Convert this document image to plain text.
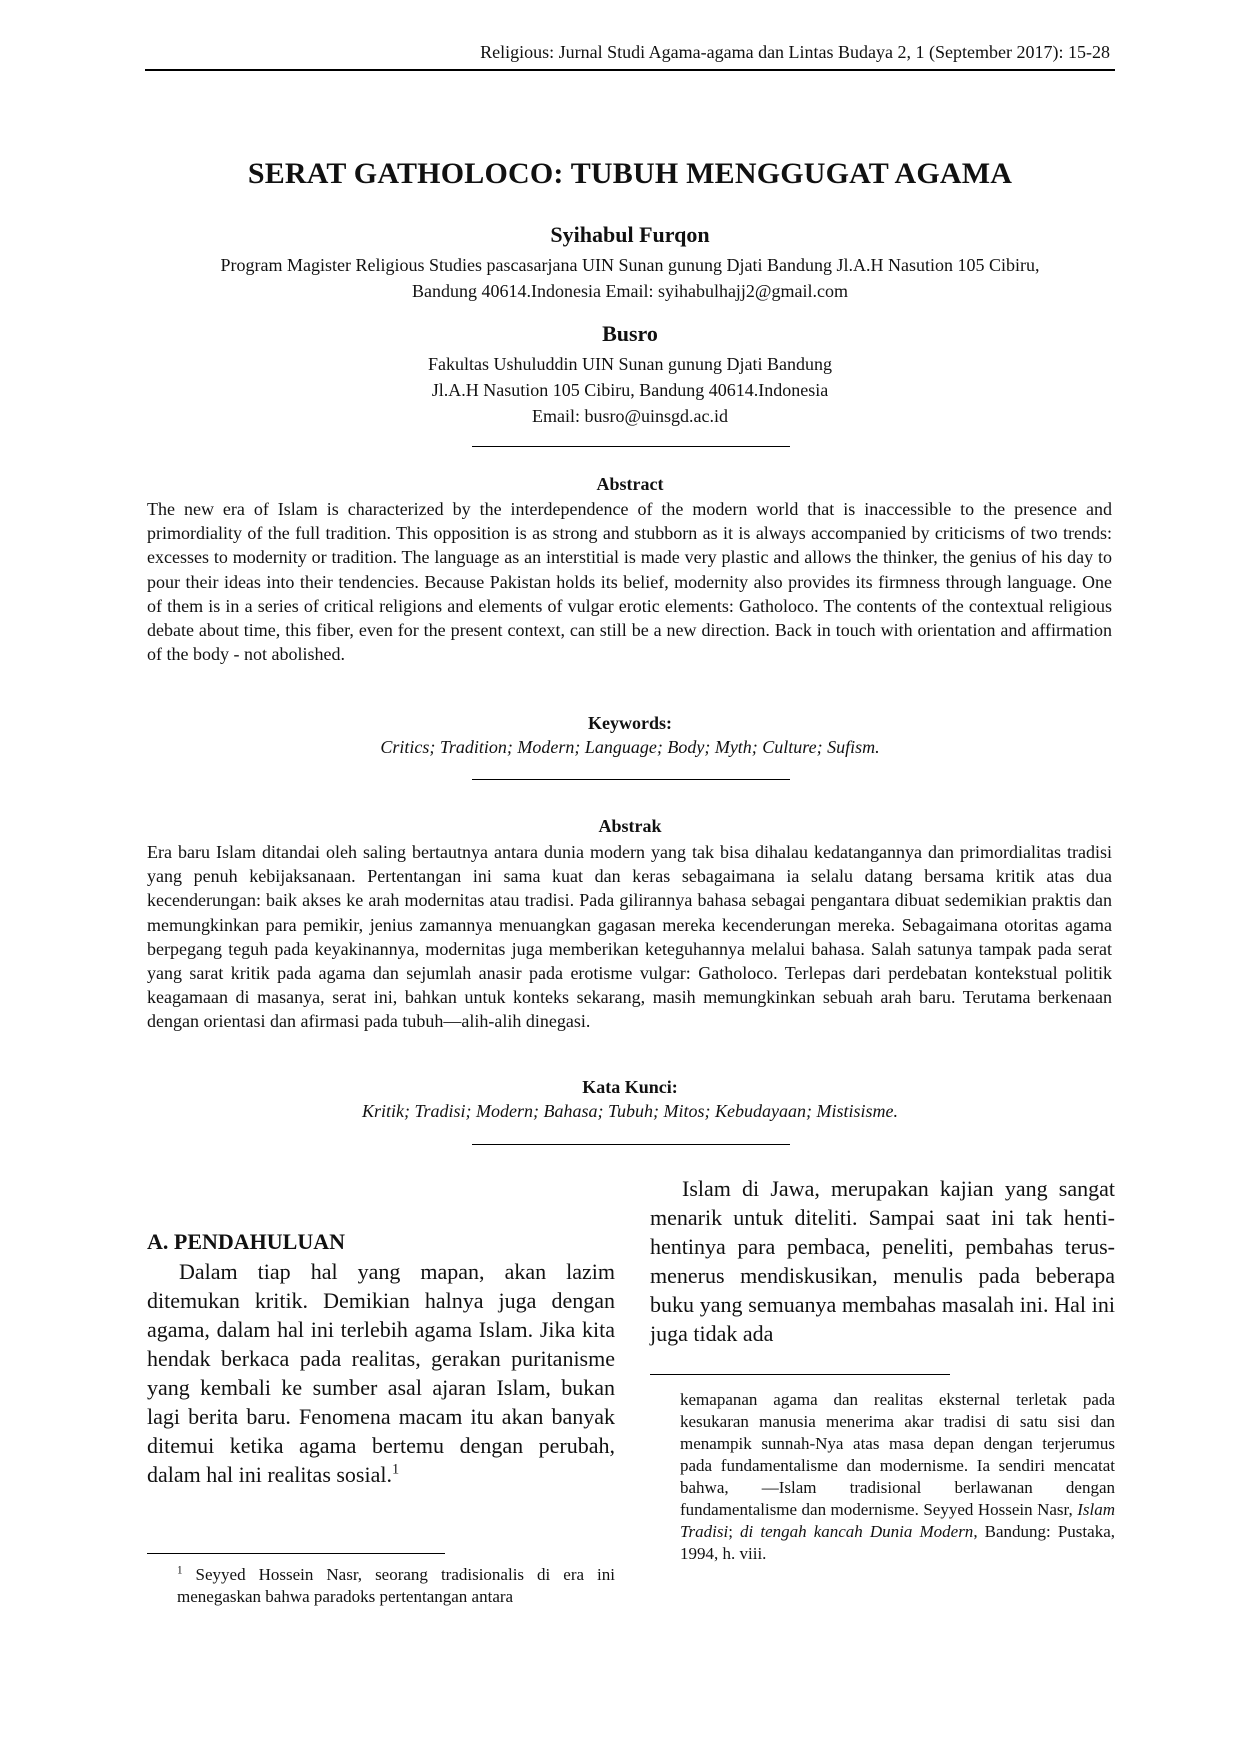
Religious: Jurnal Studi Agama-agama dan Lintas Budaya 2, 1 (September 2017): 15-28
SERAT GATHOLOCO: TUBUH MENGGUGAT AGAMA
Syihabul Furqon
Program Magister Religious Studies pascasarjana UIN Sunan gunung Djati Bandung Jl.A.H Nasution 105 Cibiru,
Bandung 40614.Indonesia Email: syihabulhajj2@gmail.com
Busro
Fakultas Ushuluddin UIN Sunan gunung Djati Bandung
Jl.A.H Nasution 105 Cibiru, Bandung 40614.Indonesia
Email: busro@uinsgd.ac.id
Abstract
The new era of Islam is characterized by the interdependence of the modern world that is inaccessible to the presence and primordiality of the full tradition. This opposition is as strong and stubborn as it is always accompanied by criticisms of two trends: excesses to modernity or tradition. The language as an interstitial is made very plastic and allows the thinker, the genius of his day to pour their ideas into their tendencies. Because Pakistan holds its belief, modernity also provides its firmness through language. One of them is in a series of critical religions and elements of vulgar erotic elements: Gatholoco. The contents of the contextual religious debate about time, this fiber, even for the present context, can still be a new direction. Back in touch with orientation and affirmation of the body - not abolished.
Keywords:
Critics; Tradition; Modern; Language; Body; Myth; Culture; Sufism.
Abstrak
Era baru Islam ditandai oleh saling bertautnya antara dunia modern yang tak bisa dihalau kedatangannya dan primordialitas tradisi yang penuh kebijaksanaan. Pertentangan ini sama kuat dan keras sebagaimana ia selalu datang bersama kritik atas dua kecenderungan: baik akses ke arah modernitas atau tradisi. Pada gilirannya bahasa sebagai pengantara dibuat sedemikian praktis dan memungkinkan para pemikir, jenius zamannya menuangkan gagasan mereka kecenderungan mereka. Sebagaimana otoritas agama berpegang teguh pada keyakinannya, modernitas juga memberikan keteguhannya melalui bahasa. Salah satunya tampak pada serat yang sarat kritik pada agama dan sejumlah anasir pada erotisme vulgar: Gatholoco. Terlepas dari perdebatan kontekstual politik keagamaan di masanya, serat ini, bahkan untuk konteks sekarang, masih memungkinkan sebuah arah baru. Terutama berkenaan dengan orientasi dan afirmasi pada tubuh—alih-alih dinegasi.
Kata Kunci:
Kritik; Tradisi; Modern; Bahasa; Tubuh; Mitos; Kebudayaan; Mistisisme.
A. PENDAHULUAN
Dalam tiap hal yang mapan, akan lazim ditemukan kritik. Demikian halnya juga dengan agama, dalam hal ini terlebih agama Islam. Jika kita hendak berkaca pada realitas, gerakan puritanisme yang kembali ke sumber asal ajaran Islam, bukan lagi berita baru. Fenomena macam itu akan banyak ditemui ketika agama bertemu dengan perubah, dalam hal ini realitas sosial.$^1$
Islam di Jawa, merupakan kajian yang sangat menarik untuk diteliti. Sampai saat ini tak henti-hentinya para pembaca, peneliti, pembahas terus-menerus mendiskusikan, menulis pada beberapa buku yang semuanya membahas masalah ini. Hal ini juga tidak ada
$^1$ Seyyed Hossein Nasr, seorang tradisionalis di era ini menegaskan bahwa paradoks pertentangan antara
kemapanan agama dan realitas eksternal terletak pada kesukaran manusia menerima akar tradisi di satu sisi dan menampik sunnah-Nya atas masa depan dengan terjerumus pada fundamentalisme dan modernisme. Ia sendiri mencatat bahwa, ―Islam tradisional berlawanan dengan fundamentalisme dan modernisme. Seyyed Hossein Nasr, Islam Tradisi; di tengah kancah Dunia Modern, Bandung: Pustaka, 1994, h. viii.
